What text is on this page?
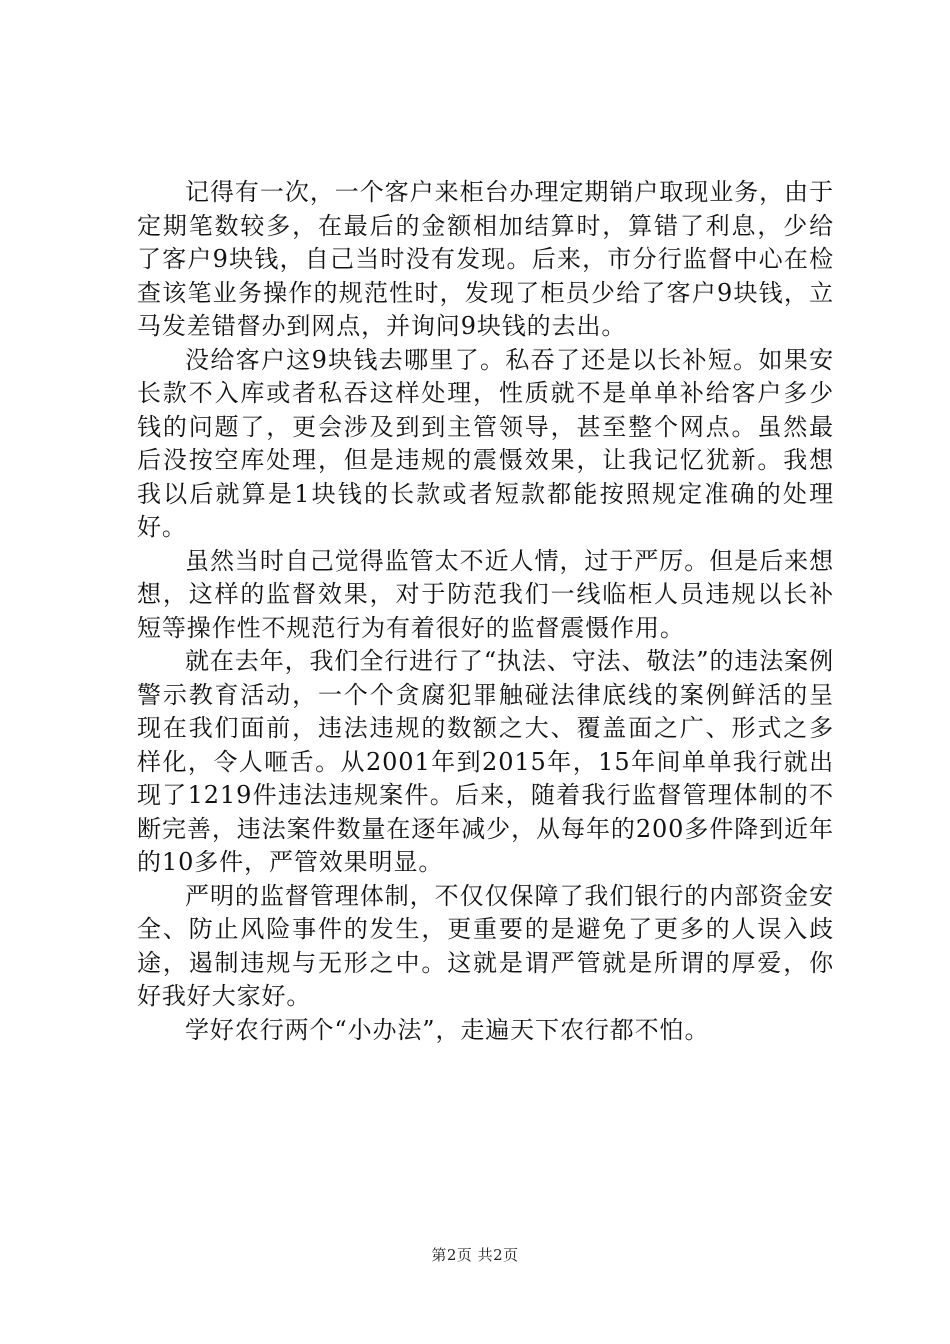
记得有一次，一个客户来柜台办理定期销户取现业务，由于定期笔数较多，在最后的金额相加结算时，算错了利息，少给了客户9块钱，自己当时没有发现。后来，市分行监督中心在检查该笔业务操作的规范性时，发现了柜员少给了客户9块钱，立马发差错督办到网点，并询问9块钱的去出。

没给客户这9块钱去哪里了。私吞了还是以长补短。如果安长款不入库或者私吞这样处理，性质就不是单单补给客户多少钱的问题了，更会涉及到到主管领导，甚至整个网点。虽然最后没按空库处理，但是违规的震慑效果，让我记忆犹新。我想我以后就算是1块钱的长款或者短款都能按照规定准确的处理好。

虽然当时自己觉得监管太不近人情，过于严厉。但是后来想想，这样的监督效果，对于防范我们一线临柜人员违规以长补短等操作性不规范行为有着很好的监督震慑作用。

就在去年，我们全行进行了“执法、守法、敬法”的违法案例警示教育活动，一个个贪腐犯罪触碰法律底线的案例鲜活的呈现在我们面前，违法违规的数额之大、覆盖面之广、形式之多样化，令人咂舌。从2001年到2015年，15年间单单我行就出现了1219件违法违规案件。后来，随着我行监督管理体制的不断完善，违法案件数量在逐年减少，从每年的200多件降到近年的10多件，严管效果明显。

严明的监督管理体制，不仅仅保障了我们银行的内部资金安全、防止风险事件的发生，更重要的是避免了更多的人误入歧途，遏制违规与无形之中。这就是谓严管就是所谓的厚爱，你好我好大家好。

学好农行两个“小办法”，走遍天下农行都不怕。

第2页 共2页
